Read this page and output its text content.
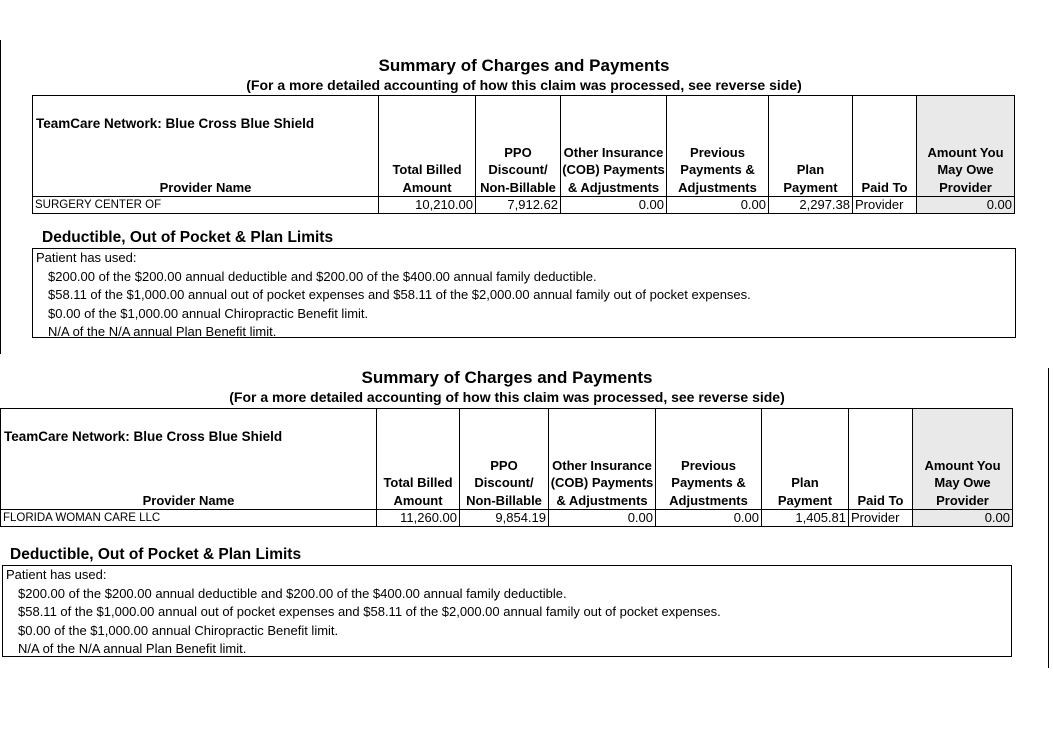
Summary of Charges and Payments
(For a more detailed accounting of how this claim was processed, see reverse side)
TeamCare Network: Blue Cross Blue Shield
Provider Name	Total Billed Amount	PPO Discount/ Non-Billable	Other Insurance (COB) Payments & Adjustments	Previous Payments & Adjustments	Plan Payment	Paid To	Amount You May Owe Provider
SURGERY CENTER OF	10,210.00	7,912.62	0.00	0.00	2,297.38	Provider	0.00
Deductible, Out of Pocket & Plan Limits

Patient has used:

$200.00 of the $200.00 annual deductible and $200.00 of the $400.00 annual family deductible.
$58.11 of the $1,000.00 annual out of pocket expenses and $58.11 of the $2,000.00 annual family out of pocket expenses.
$0.00 of the $1,000.00 annual Chiropractic Benefit limit.
N/A of the N/A annual Plan Benefit limit.
Summary of Charges and Payments
(For a more detailed accounting of how this claim was processed, see reverse side)
TeamCare Network: Blue Cross Blue Shield
Provider Name	Total Billed Amount	PPO Discount/ Non-Billable	Other Insurance (COB) Payments & Adjustments	Previous Payments & Adjustments	Plan Payment	Paid To	Amount You May Owe Provider
FLORIDA WOMAN CARE LLC	11,260.00	9,854.19	0.00	0.00	1,405.81	Provider	0.00
Deductible, Out of Pocket & Plan Limits

Patient has used:

$200.00 of the $200.00 annual deductible and $200.00 of the $400.00 annual family deductible.
$58.11 of the $1,000.00 annual out of pocket expenses and $58.11 of the $2,000.00 annual family out of pocket expenses.
$0.00 of the $1,000.00 annual Chiropractic Benefit limit.
N/A of the N/A annual Plan Benefit limit.
